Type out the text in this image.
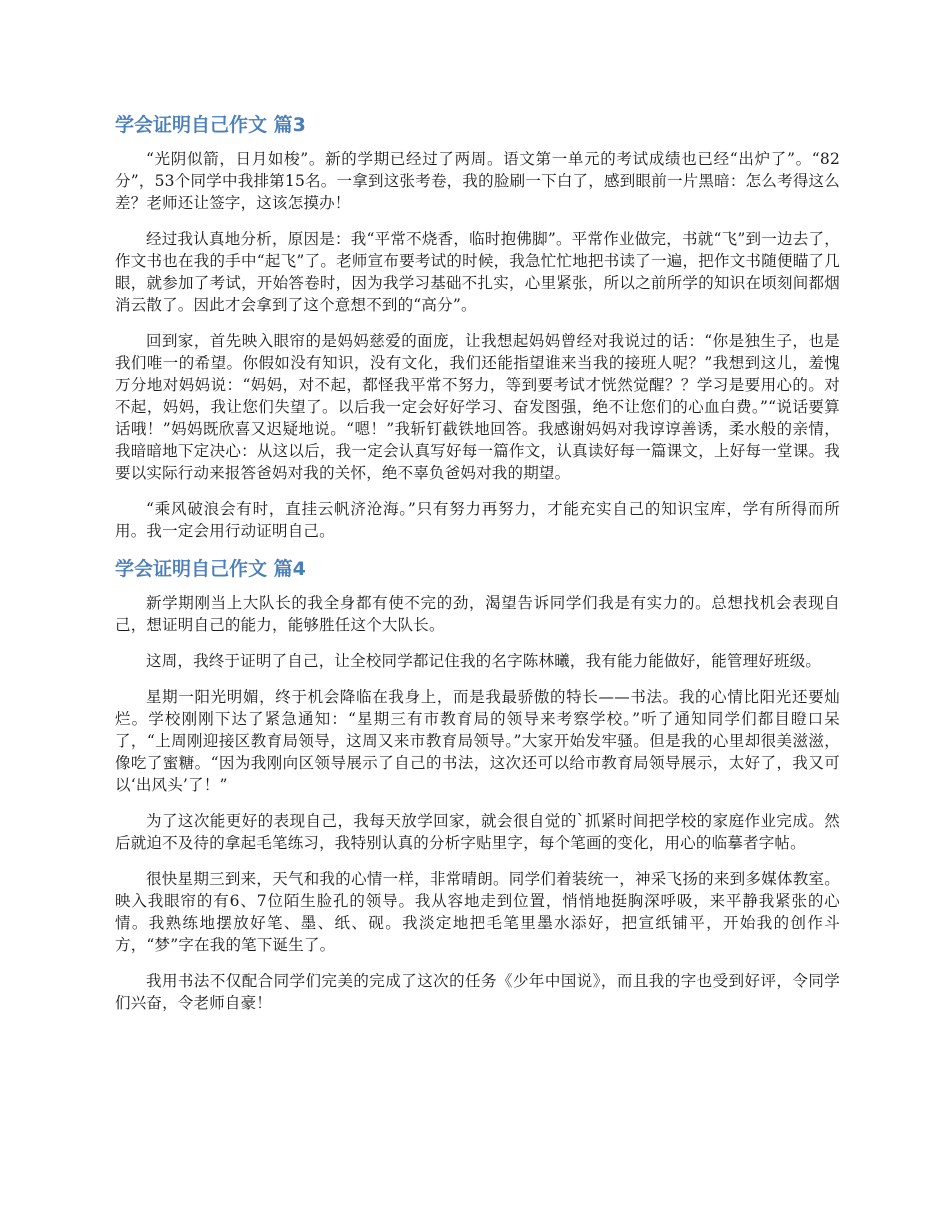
学会证明自己作文 篇3

“光阴似箭，日月如梭”。新的学期已经过了两周。语文第一单元的考试成绩也已经“出炉了”。“82分”，53个同学中我排第15名。一拿到这张考卷，我的脸刷一下白了，感到眼前一片黑暗：怎么考得这么差？老师还让签字，这该怎摸办！

经过我认真地分析，原因是：我“平常不烧香，临时抱佛脚”。平常作业做完，书就“飞”到一边去了，作文书也在我的手中“起飞”了。老师宣布要考试的时候，我急忙忙地把书读了一遍，把作文书随便瞄了几眼，就参加了考试，开始答卷时，因为我学习基础不扎实，心里紧张，所以之前所学的知识在顷刻间都烟消云散了。因此才会拿到了这个意想不到的“高分”。

回到家，首先映入眼帘的是妈妈慈爱的面庞，让我想起妈妈曾经对我说过的话：“你是独生子，也是我们唯一的希望。你假如没有知识，没有文化，我们还能指望谁来当我的接班人呢？”我想到这儿，羞愧万分地对妈妈说：“妈妈，对不起，都怪我平常不努力，等到要考试才恍然觉醒？？学习是要用心的。对不起，妈妈，我让您们失望了。以后我一定会好好学习、奋发图强，绝不让您们的心血白费。”“说话要算话哦！”妈妈既欣喜又迟疑地说。“嗯！”我斩钉截铁地回答。我感谢妈妈对我谆谆善诱，柔水般的亲情，我暗暗地下定决心：从这以后，我一定会认真写好每一篇作文，认真读好每一篇课文，上好每一堂课。我要以实际行动来报答爸妈对我的关怀，绝不辜负爸妈对我的期望。

“乘风破浪会有时，直挂云帆济沧海。”只有努力再努力，才能充实自己的知识宝库，学有所得而所用。我一定会用行动证明自己。

学会证明自己作文 篇4

新学期刚当上大队长的我全身都有使不完的劲，渴望告诉同学们我是有实力的。总想找机会表现自己，想证明自己的能力，能够胜任这个大队长。

这周，我终于证明了自己，让全校同学都记住我的名字陈林曦，我有能力能做好，能管理好班级。

星期一阳光明媚，终于机会降临在我身上，而是我最骄傲的特长——书法。我的心情比阳光还要灿烂。学校刚刚下达了紧急通知：“星期三有市教育局的领导来考察学校。”听了通知同学们都目瞪口呆了，“上周刚迎接区教育局领导，这周又来市教育局领导。”大家开始发牢骚。但是我的心里却很美滋滋，像吃了蜜糖。“因为我刚向区领导展示了自己的书法，这次还可以给市教育局领导展示，太好了，我又可以‘出风头’了！”

为了这次能更好的表现自己，我每天放学回家，就会很自觉的`抓紧时间把学校的家庭作业完成。然后就迫不及待的拿起毛笔练习，我特别认真的分析字贴里字，每个笔画的变化，用心的临摹者字帖。

很快星期三到来，天气和我的心情一样，非常晴朗。同学们着装统一，神采飞扬的来到多媒体教室。映入我眼帘的有6、7位陌生脸孔的领导。我从容地走到位置，悄悄地挺胸深呼吸，来平静我紧张的心情。我熟练地摆放好笔、墨、纸、砚。我淡定地把毛笔里墨水添好，把宣纸铺平，开始我的创作斗方，“梦”字在我的笔下诞生了。

我用书法不仅配合同学们完美的完成了这次的任务《少年中国说》，而且我的字也受到好评，令同学们兴奋，令老师自豪！
